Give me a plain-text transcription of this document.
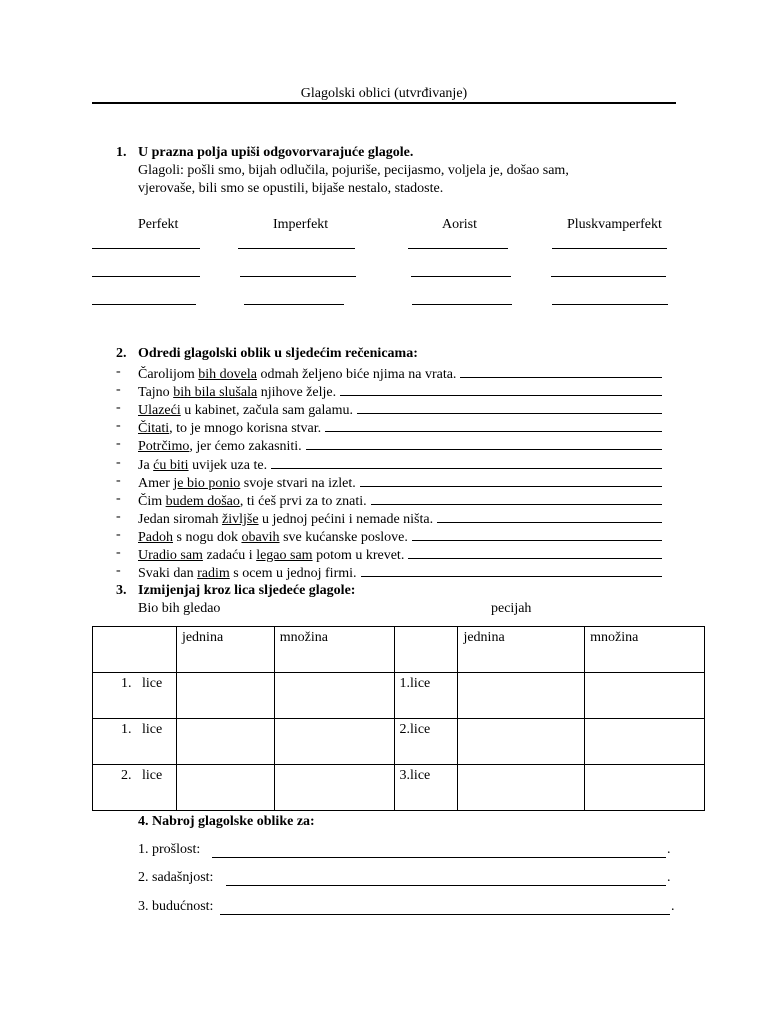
Glagolski oblici (utvrđivanje)
1. U prazna polja upiši odgovorvarajuće glagole.
Glagoli: pošli smo, bijah odlučila, pojuriše, pecijasmo, voljela je, došao sam,
vjerovaše, bili smo se opustili, bijaše nestalo, stadoste.
Perfekt	Imperfekt	Aorist	Pluskvamperfekt
2. Odredi glagolski oblik u sljedećim rečenicama:
- Čarolijom bih dovela odmah željeno biće njima na vrata.
- Tajno bih bila slušala njihove želje.
- Ulazeći u kabinet, začula sam galamu.
- Čitati, to je mnogo korisna stvar.
- Potrčimo, jer ćemo zakasniti.
- Ja ću biti uvijek uza te.
- Amer je bio ponio svoje stvari na izlet.
- Čim budem došao, ti ćeš prvi za to znati.
- Jedan siromah življše u jednoj pećini i nemade ništa.
- Padoh s nogu dok obavih sve kućanske poslove.
- Uradio sam zadaću i legao sam potom u krevet.
- Svaki dan radim s ocem u jednoj firmi.
3. Izmijenjaj kroz lica sljedeće glagole:
Bio bih gledao	pecijah
	jednina	množina		jednina	množina
1. lice			1.lice		
1. lice			2.lice		
2. lice			3.lice		
4. Nabroj glagolske oblike za:
1. prošlost:	.
2. sadašnjost:	.
3. budućnost:	.
